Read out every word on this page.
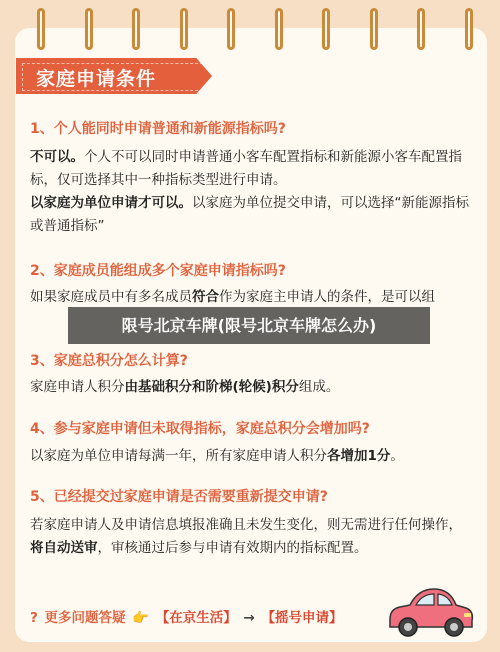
家庭申请条件
1、个人能同时申请普通和新能源指标吗?
不可以。个人不可以同时申请普通小客车配置指标和新能源小客车配置指标，仅可选择其中一种指标类型进行申请。
以家庭为单位申请才可以。以家庭为单位提交申请，可以选择“新能源指标或普通指标”
2、家庭成员能组成多个家庭申请指标吗?
如果家庭成员中有多名成员符合作为家庭主申请人的条件，是可以组
3、家庭总积分怎么计算?
家庭申请人积分由基础积分和阶梯(轮候)积分组成。
4、参与家庭申请但未取得指标，家庭总积分会增加吗?
以家庭为单位申请每满一年，所有家庭申请人积分各增加1分。
5、已经提交过家庭申请是否需要重新提交申请?
若家庭申请人及申请信息填报准确且未发生变化，则无需进行任何操作，将自动送审，审核通过后参与申请有效期内的指标配置。
限号北京车牌(限号北京车牌怎么办)
? 更多问题答疑 👉 【在京生活】 → 【摇号申请】
